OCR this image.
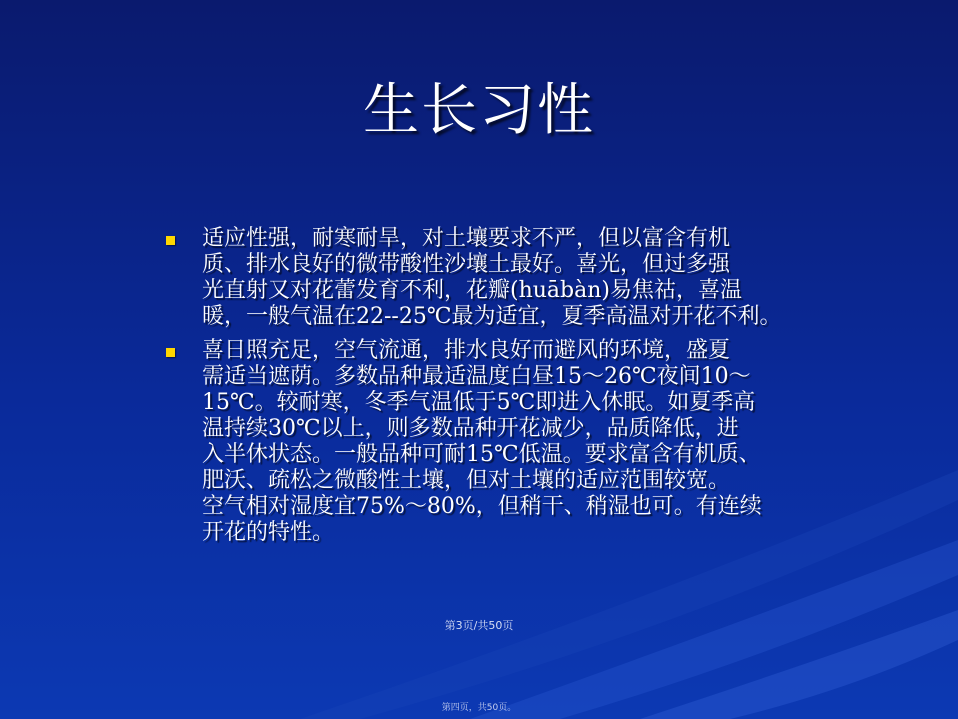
生长习性
适应性强，耐寒耐旱，对土壤要求不严，但以富含有机
质、排水良好的微带酸性沙壤土最好。喜光，但过多强
光直射又对花蕾发育不利，花瓣(huābàn)易焦祜，喜温
暖，一般气温在22--25℃最为适宜，夏季高温对开花不利。
喜日照充足，空气流通，排水良好而避风的环境，盛夏
需适当遮荫。多数品种最适温度白昼15～26℃夜间10～
15℃。较耐寒，冬季气温低于5℃即进入休眠。如夏季高
温持续30℃以上，则多数品种开花减少，品质降低，进
入半休状态。一般品种可耐15℃低温。要求富含有机质、
肥沃、疏松之微酸性土壤，但对土壤的适应范围较宽。
空气相对湿度宜75%～80%，但稍干、稍湿也可。有连续
开花的特性。
第3页/共50页
第四页，共50页。
